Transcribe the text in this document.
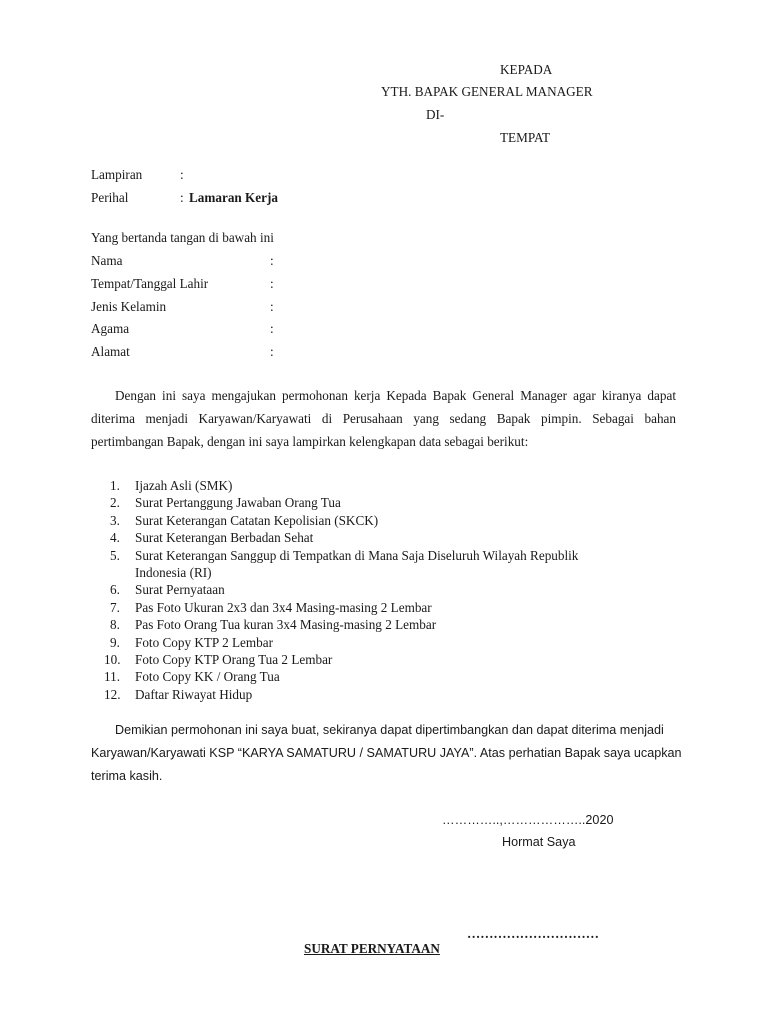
KEPADA
YTH. BAPAK GENERAL MANAGER
DI-
TEMPAT
Lampiran	:
Perihal	: Lamaran Kerja
Yang bertanda tangan di bawah ini
Nama	:
Tempat/Tanggal Lahir	:
Jenis Kelamin	:
Agama	:
Alamat	:

Dengan ini saya mengajukan permohonan kerja Kepada Bapak General Manager agar kiranya dapat diterima menjadi Karyawan/Karyawati di Perusahaan yang sedang Bapak pimpin. Sebagai bahan pertimbangan Bapak, dengan ini saya lampirkan kelengkapan data sebagai berikut:

1. Ijazah Asli (SMK)
2. Surat Pertanggung Jawaban Orang Tua
3. Surat Keterangan Catatan Kepolisian (SKCK)
4. Surat Keterangan Berbadan Sehat
5. Surat Keterangan Sanggup di Tempatkan di Mana Saja Diseluruh Wilayah Republik
Indonesia (RI)
6. Surat Pernyataan
7. Pas Foto Ukuran 2x3 dan 3x4 Masing-masing 2 Lembar
8. Pas Foto Orang Tua kuran 3x4 Masing-masing 2 Lembar
9. Foto Copy KTP 2 Lembar
10. Foto Copy KTP Orang Tua 2 Lembar
11. Foto Copy KK / Orang Tua
12. Daftar Riwayat Hidup

Demikian permohonan ini saya buat, sekiranya dapat dipertimbangkan dan dapat diterima menjadi Karyawan/Karyawati KSP “KARYA SAMATURU / SAMATURU JAYA”. Atas perhatian Bapak saya ucapkan terima kasih.

…………..,………………..2020
Hormat Saya
…………………………
SURAT PERNYATAAN
